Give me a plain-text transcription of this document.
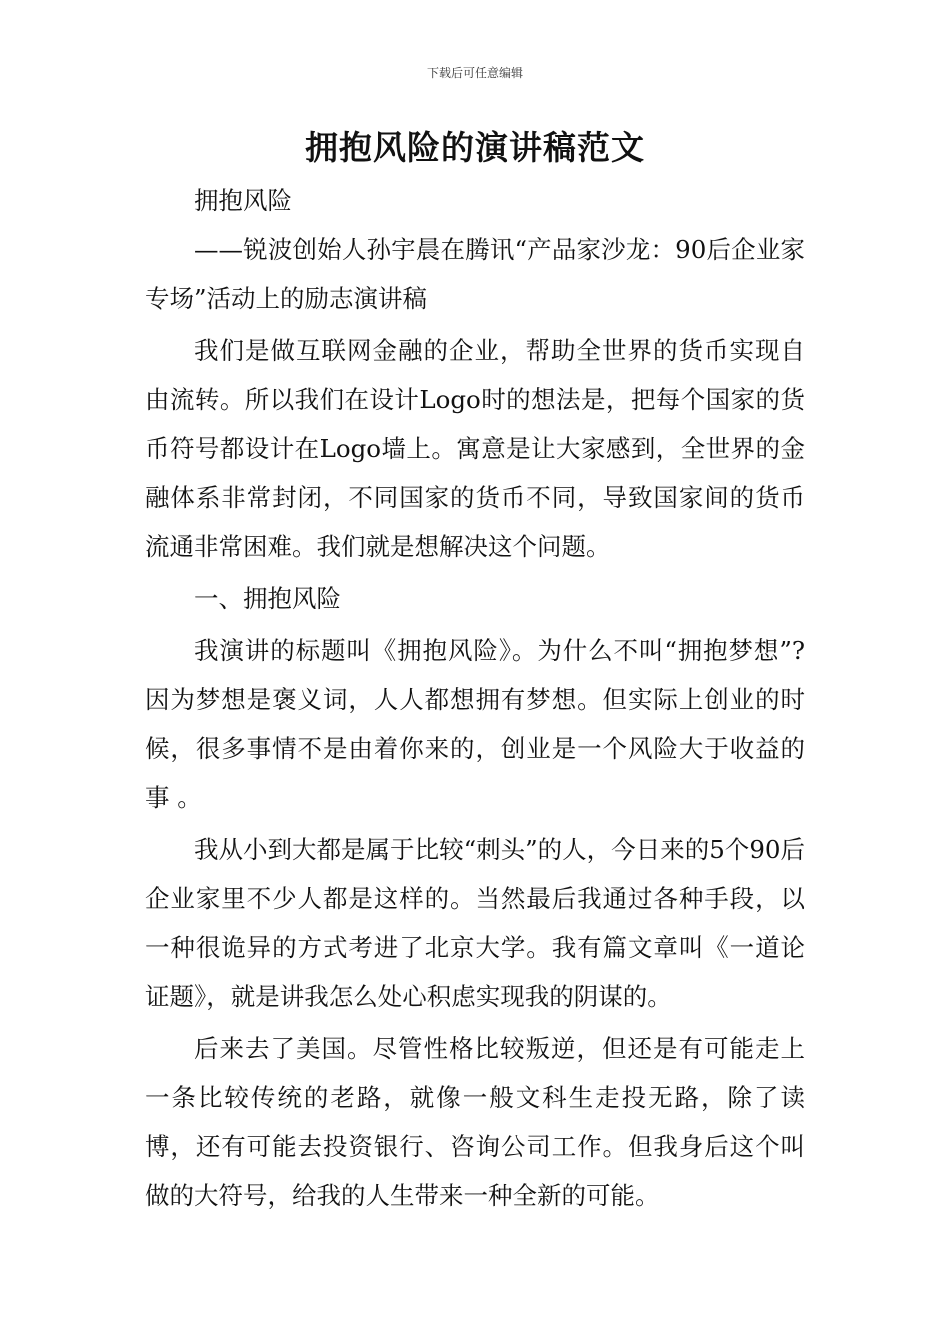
下载后可任意编辑
拥抱风险的演讲稿范文

拥抱风险

——锐波创始人孙宇晨在腾讯“产品家沙龙：90后企业家专场”活动上的励志演讲稿

我们是做互联网金融的企业，帮助全世界的货币实现自由流转。所以我们在设计Logo时的想法是，把每个国家的货币符号都设计在Logo墙上。寓意是让大家感到，全世界的金融体系非常封闭，不同国家的货币不同，导致国家间的货币流通非常困难。我们就是想解决这个问题。

一、拥抱风险

我演讲的标题叫《拥抱风险》。为什么不叫“拥抱梦想”?因为梦想是褒义词，人人都想拥有梦想。但实际上创业的时候，很多事情不是由着你来的，创业是一个风险大于收益的事 。

我从小到大都是属于比较“刺头”的人，今日来的5个90后企业家里不少人都是这样的。当然最后我通过各种手段，以一种很诡异的方式考进了北京大学。我有篇文章叫《一道论证题》，就是讲我怎么处心积虑实现我的阴谋的。

后来去了美国。尽管性格比较叛逆，但还是有可能走上一条比较传统的老路，就像一般文科生走投无路，除了读博，还有可能去投资银行、咨询公司工作。但我身后这个叫做的大符号，给我的人生带来一种全新的可能。
